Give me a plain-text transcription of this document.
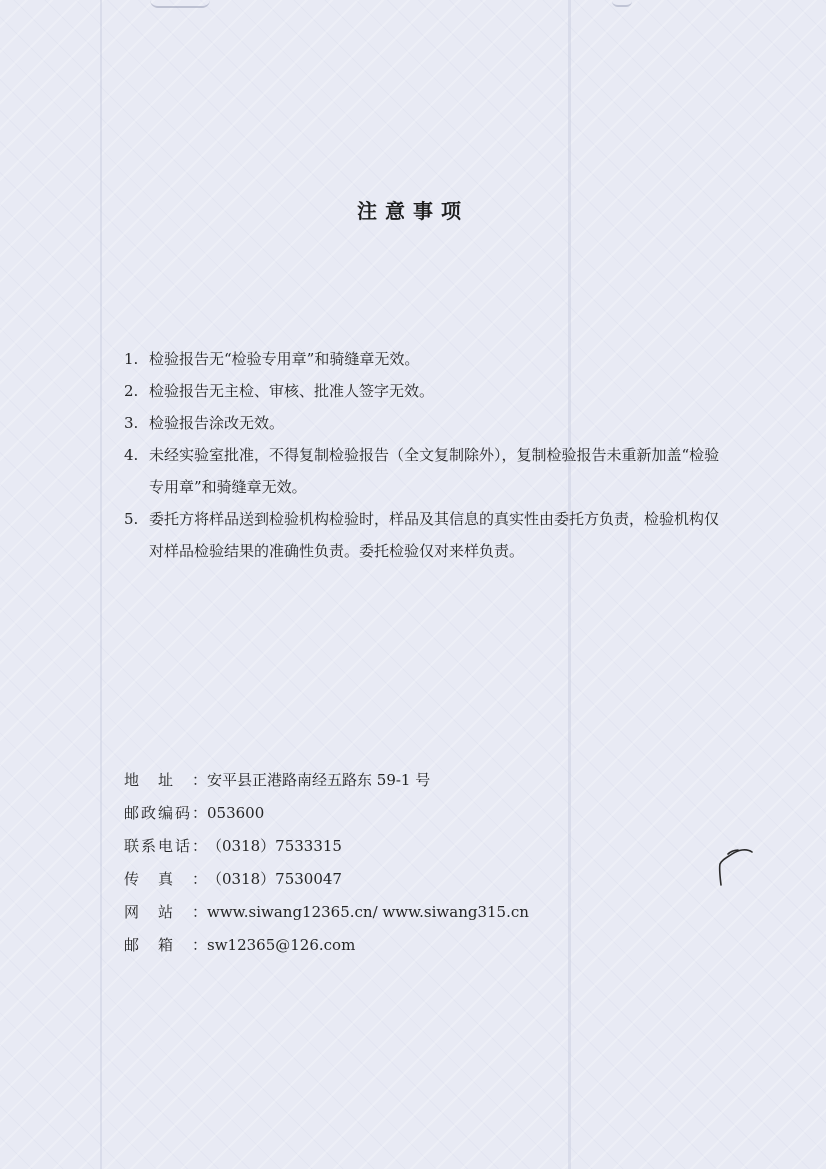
注意事项
1. 检验报告无“检验专用章”和骑缝章无效。
2. 检验报告无主检、审核、批准人签字无效。
3. 检验报告涂改无效。
4. 未经实验室批准，不得复制检验报告（全文复制除外），复制检验报告未重新加盖“检验专用章”和骑缝章无效。
5. 委托方将样品送到检验机构检验时，样品及其信息的真实性由委托方负责，检验机构仅对样品检验结果的准确性负责。委托检验仅对来样负责。
地址： 安平县正港路南经五路东 59-1 号
邮政编码： 053600
联系电话： （0318）7533315
传真： （0318）7530047
网站： www.siwang12365.cn/ www.siwang315.cn
邮箱： sw12365@126.com
